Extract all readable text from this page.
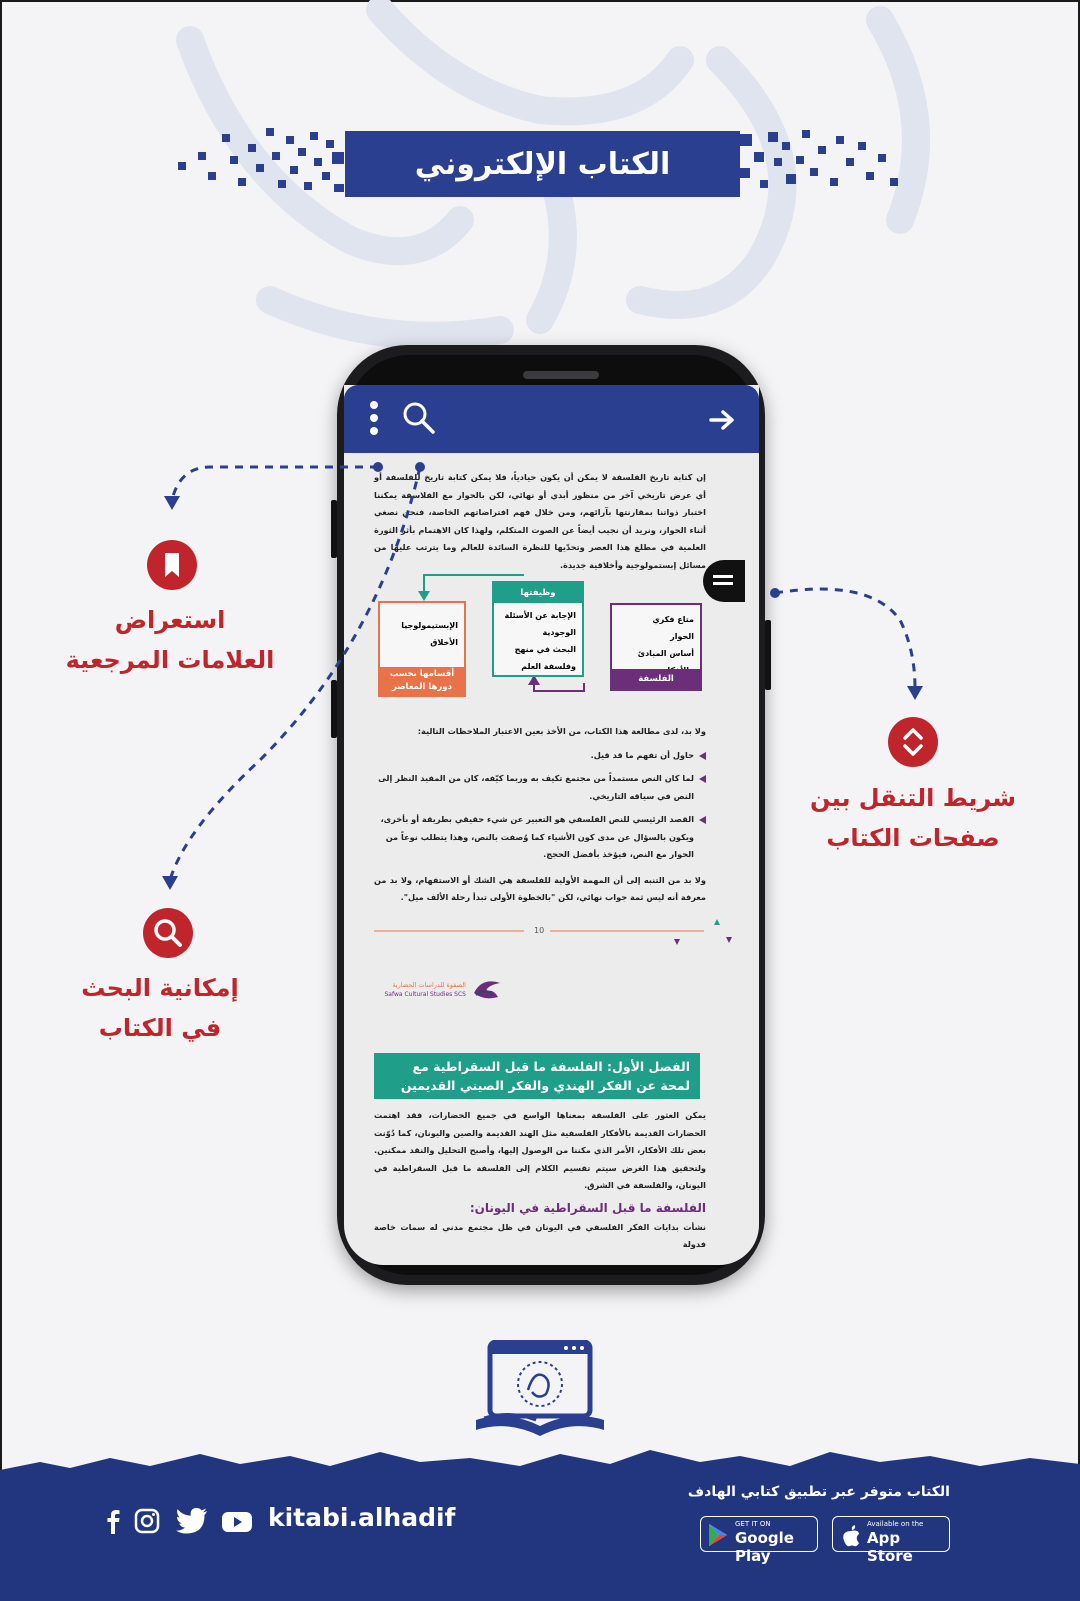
الكتاب الإلكتروني

إن كتابة تاريخ الفلسفة لا يمكن أن يكون حيادياً، فلا يمكن كتابة تاريخ للفلسفة أو أي عرض تاريخي آخر من منظور أبدي أو نهائي، لكن بالحوار مع الفلاسفة يمكننا اختبار ذواتنا بمقارنتها بآرائهم، ومن خلال فهم افتراضاتهم الخاصة، فنحن نصغي أثناء الحوار، ونريد أن نجيب أيضاً عن الصوت المتكلم، ولهذا كان الاهتمام بأثر الثورة العلمية في مطلع هذا العصر وتحدّيها للنظرة السائدة للعالم وما يترتب عليها من مسائل إبستمولوجية وأخلاقية جديدة.

متاع فكري
الحوار
أساس المبادئ
الفلسفة
وظيفتها
الإجابة عن الأسئلة الوجودية
البحث في منهج وفلسفة العلم
الإبستيمولوجيا
الأخلاق
أقسامها بحسب دورها المعاصر

ولا بد، لدى مطالعة هذا الكتاب، من الأخذ بعين الاعتبار الملاحظات التالية:

حاول أن تفهم ما قد قيل.
لما كان النص مستمداً من مجتمع تكيف به وربما كيّفه، كان من المفيد النظر إلى النص في سياقه التاريخي.
القصد الرئيسي للنص الفلسفي هو التعبير عن شيء حقيقي بطريقة أو بأخرى، ويكون بالسؤال عن مدى كون الأشياء كما وُصفت بالنص، وهذا يتطلب نوعاً من الحوار مع النص، فيؤخذ بأفضل الحجج.

ولا بد من التنبه إلى أن المهمة الأولية للفلسفة هي الشك أو الاستفهام، ولا بد من معرفة أنه ليس ثمة جواب نهائي، لكن "بالخطوة الأولى تبدأ رحلة الألف ميل".

10
الصفوة للدراسات الحضارية
Safwa Cultural Studies SCS
الفصل الأول: الفلسفة ما قبل السقراطية مع لمحة عن الفكر الهندي والفكر الصيني القديمين

يمكن العثور على الفلسفة بمعناها الواسع في جميع الحضارات، فقد اهتمت الحضارات القديمة بالأفكار الفلسفية مثل الهند القديمة والصين واليونان، كما دُوّنت بعض تلك الأفكار، الأمر الذي مكننا من الوصول إليها، وأصبح التحليل والنقد ممكنين. ولتحقيق هذا الغرض سيتم تقسيم الكلام إلى الفلسفة ما قبل السقراطية في اليونان، والفلسفة في الشرق.

الفلسفة ما قبل السقراطية في اليونان:

نشأت بدايات الفكر الفلسفي في اليونان في ظل مجتمع مدني له سمات خاصة فدولة

استعراض
العلامات المرجعية
شريط التنقل بين
صفحات الكتاب
إمكانية البحث
في الكتاب
الكتاب متوفر عبر تطبيق كتابي الهادف
GET IT ON
Google Play
Available on the
App Store
kitabi.alhadif
